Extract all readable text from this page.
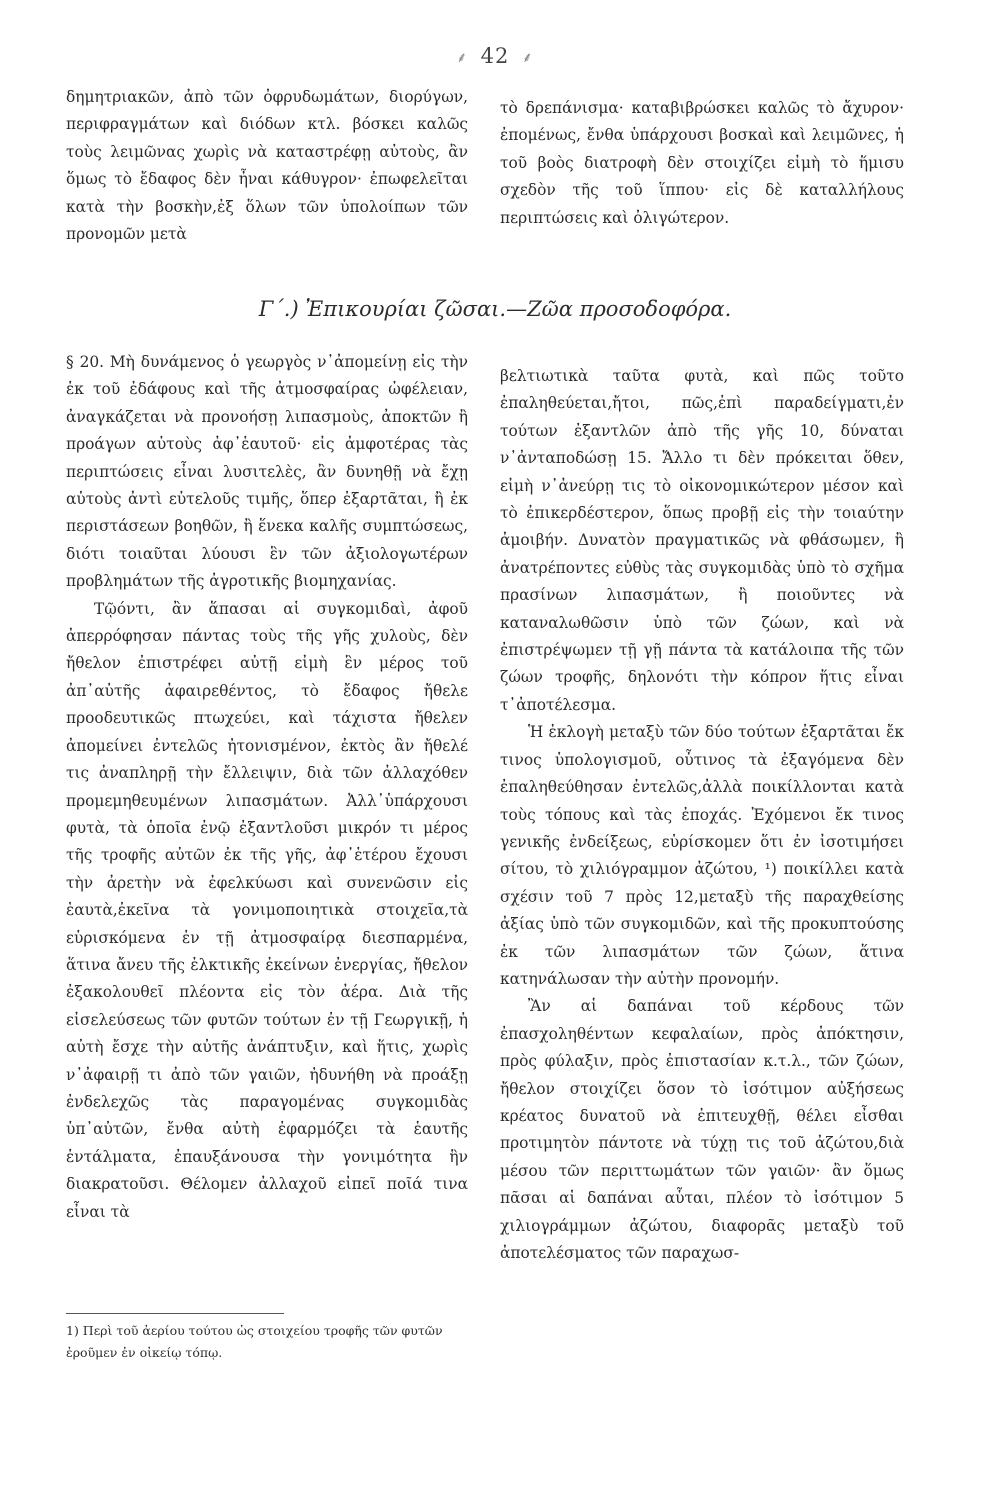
⸙ 42 ⸙

δημητριακῶν, ἀπὸ τῶν ὀφρυδωμάτων, διορύγων, περιφραγμάτων καὶ διόδων κτλ. βόσκει καλῶς τοὺς λειμῶνας χωρὶς νὰ καταστρέφῃ αὐτοὺς, ἂν ὅμως τὸ ἔδαφος δὲν ἦναι κάθυγρον· ἐπωφελεῖται κατὰ τὴν βοσκὴν,ἐξ ὅλων τῶν ὑπολοίπων τῶν προνομῶν μετὰ

τὸ δρεπάνισμα· καταβιβρώσκει καλῶς τὸ ἄχυρον· ἐπομένως, ἔνθα ὑπάρχουσι βοσκαὶ καὶ λειμῶνες, ἡ τοῦ βοὸς διατροφὴ δὲν στοιχίζει εἰμὴ τὸ ἥμισυ σχεδὸν τῆς τοῦ ἵππου· εἰς δὲ καταλλήλους περιπτώσεις καὶ ὀλιγώτερον.

Γ΄.) Ἐπικουρίαι ζῶσαι.—Ζῶα προσοδοφόρα.

§ 20. Μὴ δυνάμενος ὁ γεωργὸς ν᾽ἀπομείνῃ εἰς τὴν ἐκ τοῦ ἐδάφους καὶ τῆς ἀτμοσφαίρας ὠφέλειαν, ἀναγκάζεται νὰ προνοήσῃ λιπασμοὺς, ἀποκτῶν ἢ προάγων αὐτοὺς ἀφ᾽ἑαυτοῦ· εἰς ἀμφοτέρας τὰς περιπτώσεις εἶναι λυσιτελὲς, ἂν δυνηθῇ νὰ ἔχῃ αὐτοὺς ἀντὶ εὐτελοῦς τιμῆς, ὅπερ ἐξαρτᾶται, ἢ ἐκ περιστάσεων βοηθῶν, ἢ ἕνεκα καλῆς συμπτώσεως, διότι τοιαῦται λύουσι ἓν τῶν ἀξιολογωτέρων προβλημάτων τῆς ἀγροτικῆς βιομηχανίας.

Τῷόντι, ἂν ἅπασαι αἱ συγκομιδαὶ, ἀφοῦ ἀπερρόφησαν πάντας τοὺς τῆς γῆς χυλοὺς, δὲν ἤθελον ἐπιστρέφει αὐτῇ εἰμὴ ἓν μέρος τοῦ ἀπ᾽αὐτῆς ἀφαιρεθέντος, τὸ ἔδαφος ἤθελε προοδευτικῶς πτωχεύει, καὶ τάχιστα ἤθελεν ἀπομείνει ἐντελῶς ἠτονισμένον, ἐκτὸς ἂν ἤθελέ τις ἀναπληρῇ τὴν ἔλλειψιν, διὰ τῶν ἀλλαχόθεν προμεμηθευμένων λιπασμάτων. Ἀλλ᾽ὑπάρχουσι φυτὰ, τὰ ὁποῖα ἐνῷ ἐξαντλοῦσι μικρόν τι μέρος τῆς τροφῆς αὐτῶν ἐκ τῆς γῆς, ἀφ᾽ἑτέρου ἔχουσι τὴν ἀρετὴν νὰ ἐφελκύωσι καὶ συνενῶσιν εἰς ἑαυτὰ,ἐκεῖνα τὰ γονιμοποιητικὰ στοιχεῖα,τὰ εὑρισκόμενα ἐν τῇ ἀτμοσφαίρᾳ διεσπαρμένα, ἅτινα ἄνευ τῆς ἑλκτικῆς ἐκείνων ἐνεργίας, ἤθελον ἐξακολουθεῖ πλέοντα εἰς τὸν ἀέρα. Διὰ τῆς εἰσελεύσεως τῶν φυτῶν τούτων ἐν τῇ Γεωργικῇ, ἡ αὐτὴ ἔσχε τὴν αὐτῆς ἀνάπτυξιν, καὶ ἥτις, χωρὶς ν᾽ἀφαιρῇ τι ἀπὸ τῶν γαιῶν, ἠδυνήθη νὰ προάξῃ ἐνδελεχῶς τὰς παραγομένας συγκομιδὰς ὑπ᾽αὐτῶν, ἔνθα αὐτὴ ἐφαρμόζει τὰ ἑαυτῆς ἐντάλματα, ἐπαυξάνουσα τὴν γονιμότητα ἣν διακρατοῦσι. Θέλομεν ἀλλαχοῦ εἰπεῖ ποῖά τινα εἶναι τὰ

βελτιωτικὰ ταῦτα φυτὰ, καὶ πῶς τοῦτο ἐπαληθεύεται,ἤτοι, πῶς,ἐπὶ παραδείγματι,ἐν τούτων ἐξαντλῶν ἀπὸ τῆς γῆς 10, δύναται ν᾽ἀνταποδώσῃ 15. Ἄλλο τι δὲν πρόκειται ὅθεν, εἰμὴ ν᾽ἀνεύρῃ τις τὸ οἰκονομικώτερον μέσον καὶ τὸ ἐπικερδέστερον, ὅπως προβῇ εἰς τὴν τοιαύτην ἀμοιβήν. Δυνατὸν πραγματικῶς νὰ φθάσωμεν, ἢ ἀνατρέποντες εὐθὺς τὰς συγκομιδὰς ὑπὸ τὸ σχῆμα πρασίνων λιπασμάτων, ἢ ποιοῦντες νὰ καταναλωθῶσιν ὑπὸ τῶν ζώων, καὶ νὰ ἐπιστρέψωμεν τῇ γῇ πάντα τὰ κατάλοιπα τῆς τῶν ζώων τροφῆς, δηλονότι τὴν κόπρον ἥτις εἶναι τ᾽ἀποτέλεσμα.

Ἡ ἐκλογὴ μεταξὺ τῶν δύο τούτων ἐξαρτᾶται ἔκ τινος ὑπολογισμοῦ, οὗτινος τὰ ἐξαγόμενα δὲν ἐπαληθεύθησαν ἐντελῶς,ἀλλὰ ποικίλλονται κατὰ τοὺς τόπους καὶ τὰς ἐποχάς. Ἐχόμενοι ἔκ τινος γενικῆς ἐνδείξεως, εὑρίσκομεν ὅτι ἐν ἰσοτιμήσει σίτου, τὸ χιλιόγραμμον ἀζώτου, ¹) ποικίλλει κατὰ σχέσιν τοῦ 7 πρὸς 12,μεταξὺ τῆς παραχθείσης ἀξίας ὑπὸ τῶν συγκομιδῶν, καὶ τῆς προκυπτούσης ἐκ τῶν λιπασμάτων τῶν ζώων, ἅτινα κατηνάλωσαν τὴν αὐτὴν προνομήν.

Ἂν αἱ δαπάναι τοῦ κέρδους τῶν ἐπασχοληθέντων κεφαλαίων, πρὸς ἀπόκτησιν, πρὸς φύλαξιν, πρὸς ἐπιστασίαν κ.τ.λ., τῶν ζώων, ἤθελον στοιχίζει ὅσον τὸ ἰσότιμον αὐξήσεως κρέατος δυνατοῦ νὰ ἐπιτευχθῇ, θέλει εἶσθαι προτιμητὸν πάντοτε νὰ τύχῃ τις τοῦ ἀζώτου,διὰ μέσου τῶν περιττωμάτων τῶν γαιῶν· ἂν ὅμως πᾶσαι αἱ δαπάναι αὗται, πλέον τὸ ἰσότιμον 5 χιλιογράμμων ἀζώτου, διαφορᾶς μεταξὺ τοῦ ἀποτελέσματος τῶν παραχωσ-

1) Περὶ τοῦ ἀερίου τούτου ὡς στοιχείου τροφῆς τῶν φυτῶν ἐροῦμεν ἐν οἰκείῳ τόπῳ.
